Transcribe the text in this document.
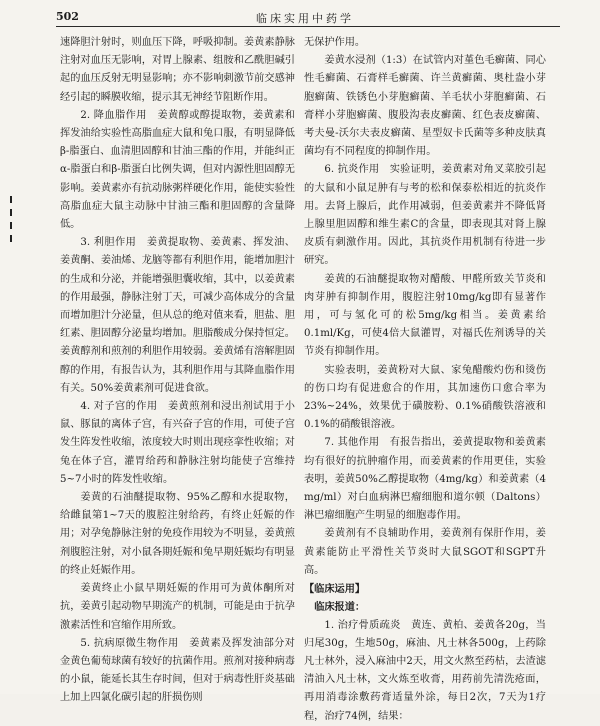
502	临床实用中药学

速降胆汁射时，则血压下降，呼吸抑制。姜黄素静脉注射对血压无影响，对胃上腺素、组胺和乙酰胆碱引起的血压反射无明显影响；亦不影响刺激节前交感神经引起的瞬膜收缩，提示其无神经节阻断作用。

2. 降血脂作用　姜黄醇或醇提取物，姜黄素和挥发油给实验性高脂血症大鼠和兔口服，有明显降低β-脂蛋白、血清胆固醇和甘油三酯的作用，并能纠正α-脂蛋白和β-脂蛋白比例失调，但对内源性胆固醇无影响。姜黄素亦有抗动脉粥样硬化作用，能使实验性高脂血症大鼠主动脉中甘油三酯和胆固醇的含量降低。

3. 利胆作用　姜黄提取物、姜黄素、挥发油、姜黄酮、姜油烯、龙脑等都有利胆作用，能增加胆汁的生成和分泌，并能增强胆囊收缩，其中，以姜黄素的作用最强，静脉注射丁天，可减少高体成分的含量而增加胆汁分泌量，但从总的绝对值来看，胆盐、胆红素、胆固醇分泌量均增加。胆脂酸成分保持恒定。姜黄醇剂和煎剂的利胆作用较弱。姜黄烯有溶解胆固醇的作用，有报告认为，其利胆作用与其降血脂作用有关。50%姜黄素剂可促进食欲。

4. 对子宫的作用　姜黄煎剂和浸出剂试用于小鼠、豚鼠的离体子宫，有兴奋子宫的作用，可使子宫发生阵发性收缩，浓度较大时则出现痉挛性收缩；对兔在体子宫，灌胃给药和静脉注射均能使子宫维持5~7小时的阵发性收缩。

姜黄的石油醚提取物、95%乙醇和水提取物，给雌鼠第1~7天的腹腔注射给药，有终止妊娠的作用；对孕兔静脉注射的免疫作用较为不明显，姜黄煎剂腹腔注射，对小鼠各期妊娠和兔早期妊娠均有明显的终止妊娠作用。

姜黄终止小鼠早期妊娠的作用可为黄体酮所对抗，姜黄引起动物早期流产的机制，可能是由于抗孕激素活性和宫缩作用所致。

5. 抗病原微生物作用　姜黄素及挥发油部分对金黄色葡萄球菌有较好的抗菌作用。煎剂对接种病毒的小鼠，能延长其生存时间，但对于病毒性肝炎基础上加上四氯化碳引起的肝损伤则

无保护作用。

姜黄水浸剂（1:3）在试管内对堇色毛癣菌、同心性毛癣菌、石膏样毛癣菌、许兰黄癣菌、奥杜盎小芽胞癣菌、铁锈色小芽胞癣菌、羊毛状小芽胞癣菌、石膏样小芽胞癣菌、腹股沟表皮癣菌、红色表皮癣菌、考夫曼-沃尔夫表皮癣菌、星型奴卡氏菌等多种皮肤真菌均有不同程度的抑制作用。

6. 抗炎作用　实验证明，姜黄素对角叉菜胶引起的大鼠和小鼠足肿有与考的松和保泰松相近的抗炎作用。去肾上腺后，此作用减弱，但姜黄素并不降低肾上腺里胆固醇和维生素C的含量，即表现其对肾上腺皮质有刺激作用。因此，其抗炎作用机制有待进一步研究。

姜黄的石油醚提取物对醋酸、甲醛所致关节炎和肉芽肿有抑制作用，腹腔注射10mg/kg即有显著作用，可与氢化可的松5mg/kg相当。姜黄素给0.1ml/Kg，可使4倍大鼠灌胃，对福氏佐剂诱导的关节炎有抑制作用。

实验表明，姜黄粉对大鼠、家兔醋酸灼伤和烫伤的伤口均有促进愈合的作用，其加速伤口愈合率为23%~24%，效果优于磺胺粉、0.1%硝酸铁溶液和0.1%的硝酸银溶液。

7. 其他作用　有报告指出，姜黄提取物和姜黄素均有很好的抗肿瘤作用，而姜黄素的作用更佳，实验表明，姜黄50%乙醇提取物（4mg/kg）和姜黄素（4 mg/ml）对白血病淋巴瘤细胞和道尔顿（Daltons）淋巴瘤细胞产生明显的细胞毒作用。

姜黄剂有不良辅助作用，姜黄剂有保肝作用，姜黄素能防止平滑性关节炎时大鼠SGOT和SGPT升高。

【临床运用】

临床报道：

1. 治疗骨质疏炎　黄连、黄柏、姜黄各20g，当归尾30g，生地50g，麻油、凡士林各500g，上药除凡士林外，浸入麻油中2天，用文火熬至药枯，去渣滤清油入凡士林，文火炼至收膏，用药前先清洗疮面，再用消毒涂敷药膏适量外涂，每日2次，7天为1疗程，治疗74例，结果：
